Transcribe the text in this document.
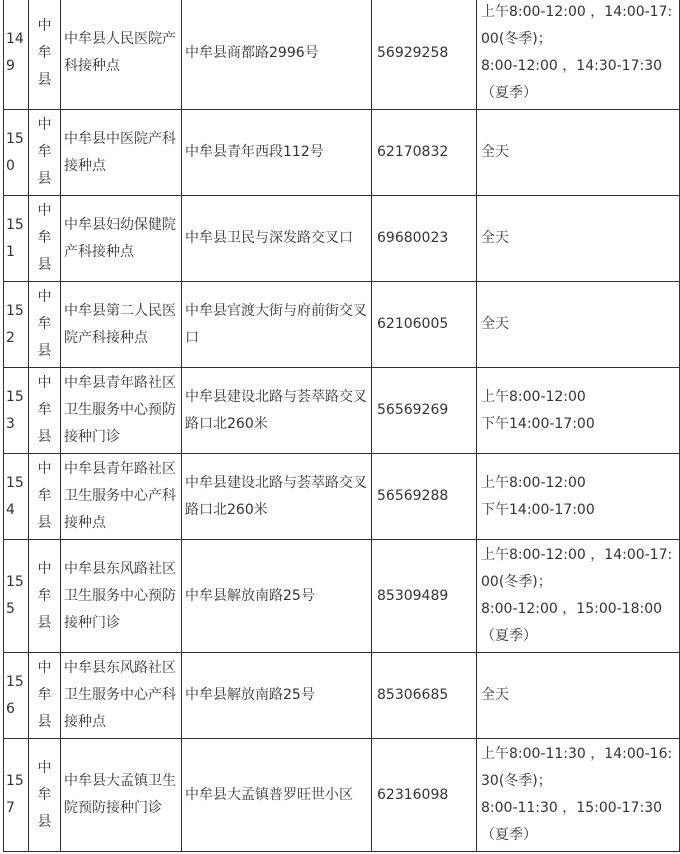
149	中牟县	中牟县人民医院产科接种点	中牟县商都路2996号	56929258	上午8:00-12:00 ，14:00-17:00(冬季)；
8:00-12:00 ，14:30-17:30（夏季）

150	中牟县	中牟县中医院产科接种点	中牟县青年西段112号	62170832	全天

151	中牟县	中牟县妇幼保健院产科接种点	中牟县卫民与深发路交叉口	69680023	全天

152	中牟县	中牟县第二人民医院产科接种点	中牟县官渡大街与府前街交叉口	62106005	全天

153	中牟县	中牟县青年路社区卫生服务中心预防接种门诊	中牟县建设北路与荟萃路交叉路口北260米	56569269	上午8:00-12:00
下午14:00-17:00

154	中牟县	中牟县青年路社区卫生服务中心产科接种点	中牟县建设北路与荟萃路交叉路口北260米	56569288	上午8:00-12:00
下午14:00-17:00

155	中牟县	中牟县东风路社区卫生服务中心预防接种门诊	中牟县解放南路25号	85309489	上午8:00-12:00 ，14:00-17:00(冬季)；
8:00-12:00 ，15:00-18:00（夏季）

156	中牟县	中牟县东风路社区卫生服务中心产科接种点	中牟县解放南路25号	85306685	全天

157	中牟县	中牟县大孟镇卫生院预防接种门诊	中牟县大孟镇普罗旺世小区	62316098	上午8:00-11:30 ，14:00-16:30(冬季)；
8:00-11:30 ，15:00-17:30（夏季）
